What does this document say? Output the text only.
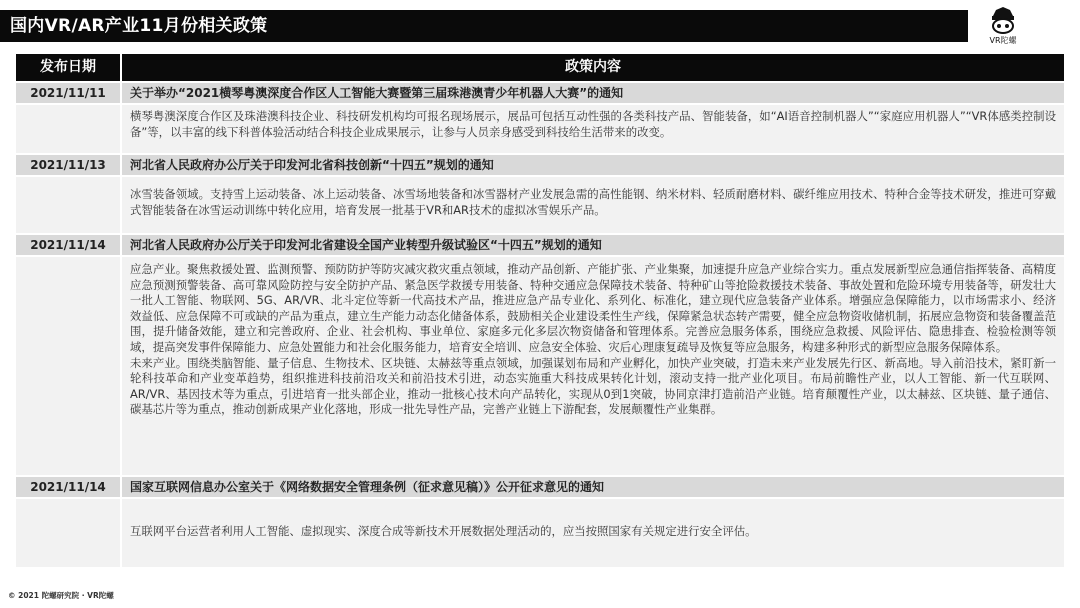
国内VR/AR产业11月份相关政策
VR陀螺
发布日期	政策内容
2021/11/11	关于举办“2021横琴粤澳深度合作区人工智能大赛暨第三届珠港澳青少年机器人大赛”的通知

横琴粤澳深度合作区及珠港澳科技企业、科技研发机构均可报名现场展示，展品可包括互动性强的各类科技产品、智能装备，如“AI语音控制机器人”“家庭应用机器人”“VR体感类控制设备”等，以丰富的线下科普体验活动结合科技企业成果展示，让参与人员亲身感受到科技给生活带来的改变。

2021/11/13	河北省人民政府办公厅关于印发河北省科技创新“十四五”规划的通知

冰雪装备领域。支持雪上运动装备、冰上运动装备、冰雪场地装备和冰雪器材产业发展急需的高性能钢、纳米材料、轻质耐磨材料、碳纤维应用技术、特种合金等技术研发，推进可穿戴式智能装备在冰雪运动训练中转化应用，培育发展一批基于VR和AR技术的虚拟冰雪娱乐产品。

2021/11/14	河北省人民政府办公厅关于印发河北省建设全国产业转型升级试验区“十四五”规划的通知

应急产业。聚焦救援处置、监测预警、预防防护等防灾减灾救灾重点领域，推动产品创新、产能扩张、产业集聚，加速提升应急产业综合实力。重点发展新型应急通信指挥装备、高精度应急预测预警装备、高可靠风险防控与安全防护产品、紧急医学救援专用装备、特种交通应急保障技术装备、特种矿山等抢险救援技术装备、事故处置和危险环境专用装备等，研发壮大一批人工智能、物联网、5G、AR/VR、北斗定位等新一代高技术产品，推进应急产品专业化、系列化、标准化，建立现代应急装备产业体系。增强应急保障能力，以市场需求小、经济效益低、应急保障不可或缺的产品为重点，建立生产能力动态化储备体系，鼓励相关企业建设柔性生产线，保障紧急状态转产需要，健全应急物资收储机制，拓展应急物资和装备覆盖范围，提升储备效能，建立和完善政府、企业、社会机构、事业单位、家庭多元化多层次物资储备和管理体系。完善应急服务体系，围绕应急救援、风险评估、隐患排查、检验检测等领域，提高突发事件保障能力、应急处置能力和社会化服务能力，培育安全培训、应急安全体验、灾后心理康复疏导及恢复等应急服务，构建多种形式的新型应急服务保障体系。

未来产业。围绕类脑智能、量子信息、生物技术、区块链、太赫兹等重点领域，加强谋划布局和产业孵化，加快产业突破，打造未来产业发展先行区、新高地。导入前沿技术，紧盯新一轮科技革命和产业变革趋势，组织推进科技前沿攻关和前沿技术引进，动态实施重大科技成果转化计划，滚动支持一批产业化项目。布局前瞻性产业，以人工智能、新一代互联网、AR/VR、基因技术等为重点，引进培育一批头部企业，推动一批核心技术向产品转化，实现从0到1突破，协同京津打造前沿产业链。培育颠覆性产业，以太赫兹、区块链、量子通信、碳基芯片等为重点，推动创新成果产业化落地，形成一批先导性产品，完善产业链上下游配套，发展颠覆性产业集群。

2021/11/14	国家互联网信息办公室关于《网络数据安全管理条例（征求意见稿）》公开征求意见的通知

互联网平台运营者利用人工智能、虚拟现实、深度合成等新技术开展数据处理活动的，应当按照国家有关规定进行安全评估。

© 2021 陀螺研究院 · VR陀螺
